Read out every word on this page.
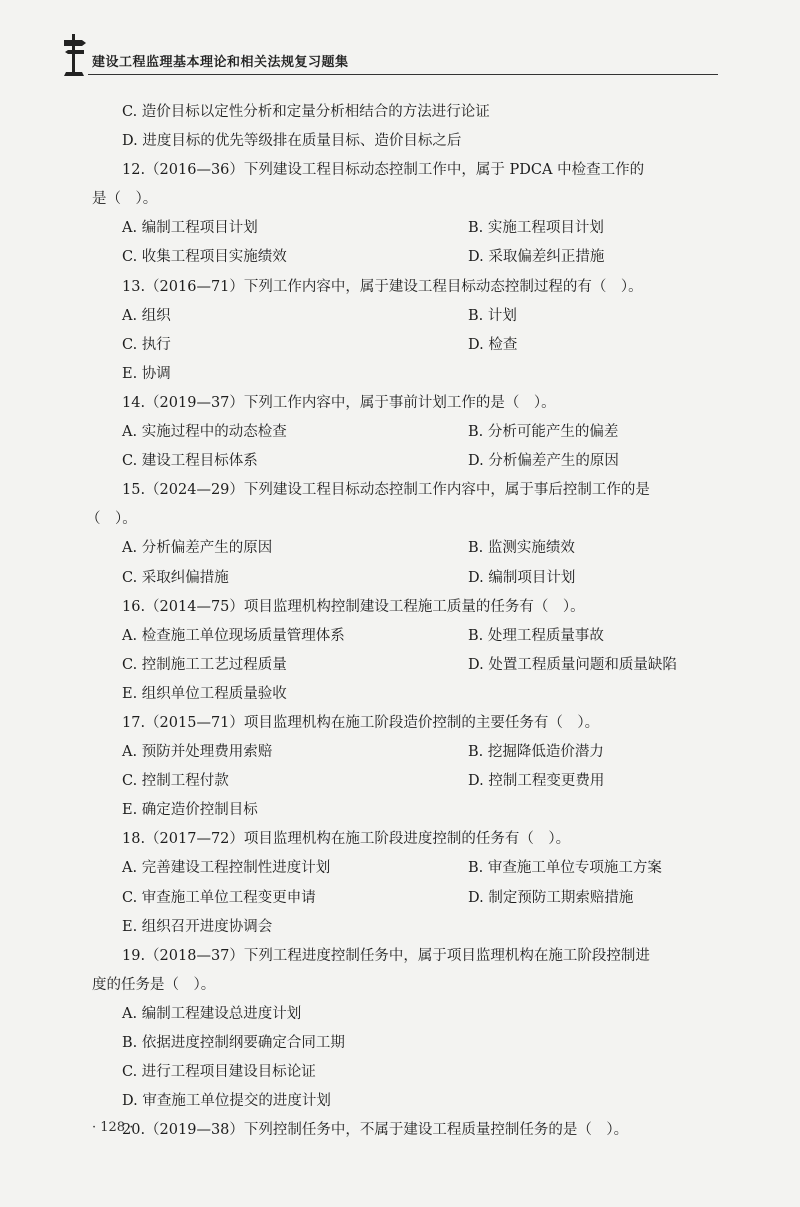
建设工程监理基本理论和相关法规复习题集
C. 造价目标以定性分析和定量分析相结合的方法进行论证
D. 进度目标的优先等级排在质量目标、造价目标之后
12.（2016—36）下列建设工程目标动态控制工作中，属于 PDCA 中检查工作的
是（　）。
A. 编制工程项目计划	B. 实施工程项目计划
C. 收集工程项目实施绩效	D. 采取偏差纠正措施
13.（2016—71）下列工作内容中，属于建设工程目标动态控制过程的有（　）。
A. 组织	B. 计划
C. 执行	D. 检查
E. 协调
14.（2019—37）下列工作内容中，属于事前计划工作的是（　）。
A. 实施过程中的动态检查	B. 分析可能产生的偏差
C. 建设工程目标体系	D. 分析偏差产生的原因
15.（2024—29）下列建设工程目标动态控制工作内容中，属于事后控制工作的是
（　）。
A. 分析偏差产生的原因	B. 监测实施绩效
C. 采取纠偏措施	D. 编制项目计划
16.（2014—75）项目监理机构控制建设工程施工质量的任务有（　）。
A. 检查施工单位现场质量管理体系	B. 处理工程质量事故
C. 控制施工工艺过程质量	D. 处置工程质量问题和质量缺陷
E. 组织单位工程质量验收
17.（2015—71）项目监理机构在施工阶段造价控制的主要任务有（　）。
A. 预防并处理费用索赔	B. 挖掘降低造价潜力
C. 控制工程付款	D. 控制工程变更费用
E. 确定造价控制目标
18.（2017—72）项目监理机构在施工阶段进度控制的任务有（　）。
A. 完善建设工程控制性进度计划	B. 审查施工单位专项施工方案
C. 审查施工单位工程变更申请	D. 制定预防工期索赔措施
E. 组织召开进度协调会
19.（2018—37）下列工程进度控制任务中，属于项目监理机构在施工阶段控制进
度的任务是（　）。
A. 编制工程建设总进度计划
B. 依据进度控制纲要确定合同工期
C. 进行工程项目建设目标论证
D. 审查施工单位提交的进度计划
20.（2019—38）下列控制任务中，不属于建设工程质量控制任务的是（　）。
· 128 ·
